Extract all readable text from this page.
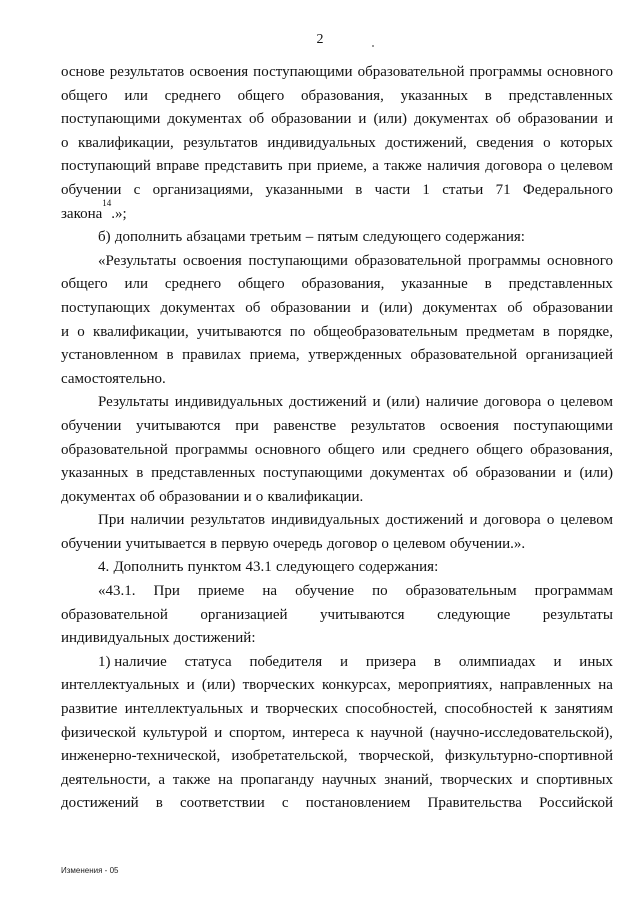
2
основе результатов освоения поступающими образовательной программы основного
общего или среднего общего образования, указанных в представленных
поступающими документах об образовании и (или) документах об образовании и
о квалификации, результатов индивидуальных достижений, сведения о которых
поступающий вправе представить при приеме, а также наличия договора о целевом
обучении с организациями, указанными в части 1 статьи 71 Федерального
закона
14
.»;
б) дополнить абзацами третьим – пятым следующего содержания:
«Результаты освоения поступающими образовательной программы основного
общего или среднего общего образования, указанные в представленных
поступающих документах об образовании и (или) документах об образовании
и о квалификации, учитываются по общеобразовательным предметам в порядке,
установленном в правилах приема, утвержденных образовательной организацией
самостоятельно.
Результаты индивидуальных достижений и (или) наличие договора о целевом
обучении учитываются при равенстве результатов освоения поступающими
образовательной программы основного общего или среднего общего образования,
указанных в представленных поступающими документах об образовании и (или)
документах об образовании и о квалификации.
При наличии результатов индивидуальных достижений и договора о целевом
обучении учитывается в первую очередь договор о целевом обучении.».
4. Дополнить пунктом 43.1 следующего содержания:
«43.1. При приеме на обучение по образовательным программам
образовательной организацией учитываются следующие результаты
индивидуальных достижений:
1) наличие статуса победителя и призера в олимпиадах и иных
интеллектуальных и (или) творческих конкурсах, мероприятиях, направленных на
развитие интеллектуальных и творческих способностей, способностей к занятиям
физической культурой и спортом, интереса к научной (научно-исследовательской),
инженерно-технической, изобретательской, творческой, физкультурно-спортивной
деятельности, а также на пропаганду научных знаний, творческих и спортивных
достижений в соответствии с постановлением Правительства Российской
Изменения - 05
